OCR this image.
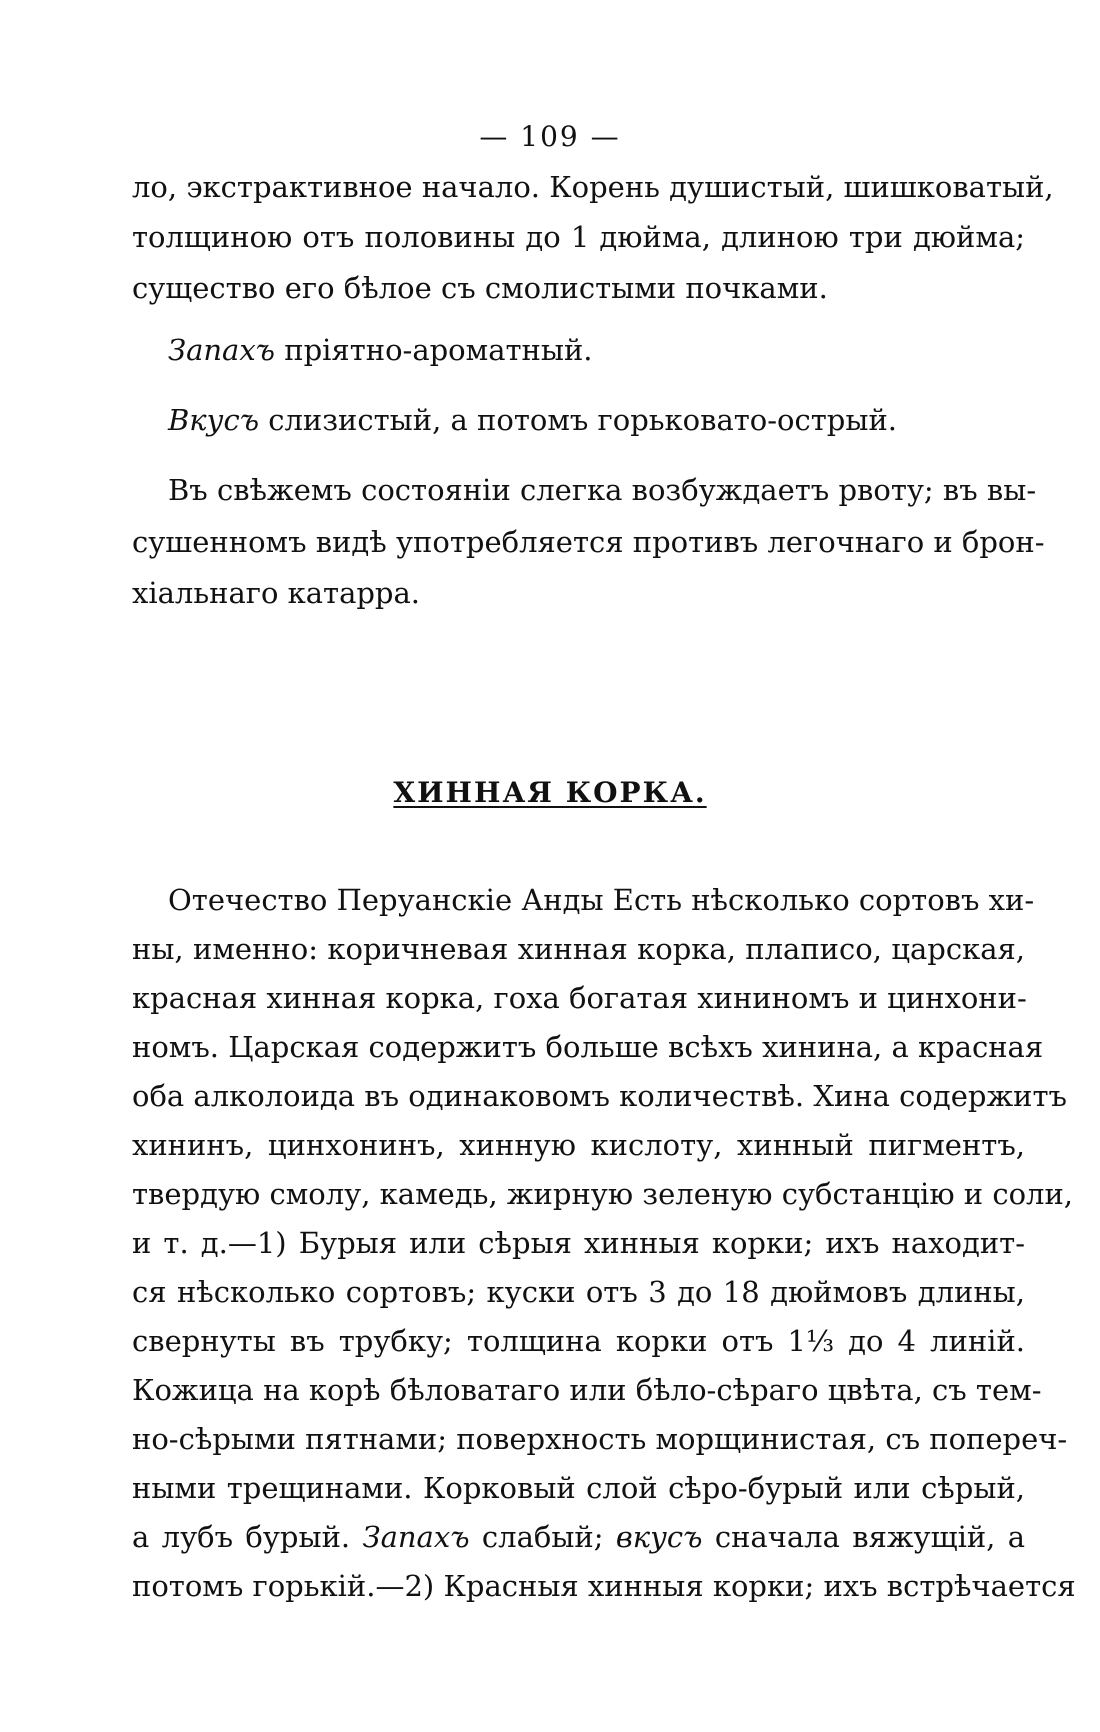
— 109 —
ло, экстрактивное начало. Корень душистый, шишковатый,
толщиною отъ половины до 1 дюйма, длиною три дюйма;
существо его бѣлое съ смолистыми почками.
Запахъ пріятно-ароматный.
Вкусъ слизистый, а потомъ горьковато-острый.
Въ свѣжемъ состояніи слегка возбуждаетъ рвоту; въ вы-
сушенномъ видѣ употребляется противъ легочнаго и брон-
хіальнаго катарра.
ХИННАЯ КОРКА.
Отечество Перуанскіе Анды Есть нѣсколько сортовъ хи-
ны, именно: коричневая хинная корка, плаписо, царская,
красная хинная корка, гоха богатая хининомъ и цинхони-
номъ. Царская содержитъ больше всѣхъ хинина, а красная
оба алколоида въ одинаковомъ количествѣ. Хина содержитъ
хининъ, цинхонинъ, хинную кислоту, хинный пигментъ,
твердую смолу, камедь, жирную зеленую субстанцію и соли,
и т. д.—1) Бурыя или сѣрыя хинныя корки; ихъ находит-
ся нѣсколько сортовъ; куски отъ 3 до 18 дюймовъ длины,
свернуты въ трубку; толщина корки отъ 1⅓ до 4 линій.
Кожица на корѣ бѣловатаго или бѣло-сѣраго цвѣта, съ тем-
но-сѣрыми пятнами; поверхность морщинистая, съ попереч-
ными трещинами. Корковый слой сѣро-бурый или сѣрый,
а лубъ бурый. Запахъ слабый; вкусъ сначала вяжущій, а
потомъ горькій.—2) Красныя хинныя корки; ихъ встрѣчается
